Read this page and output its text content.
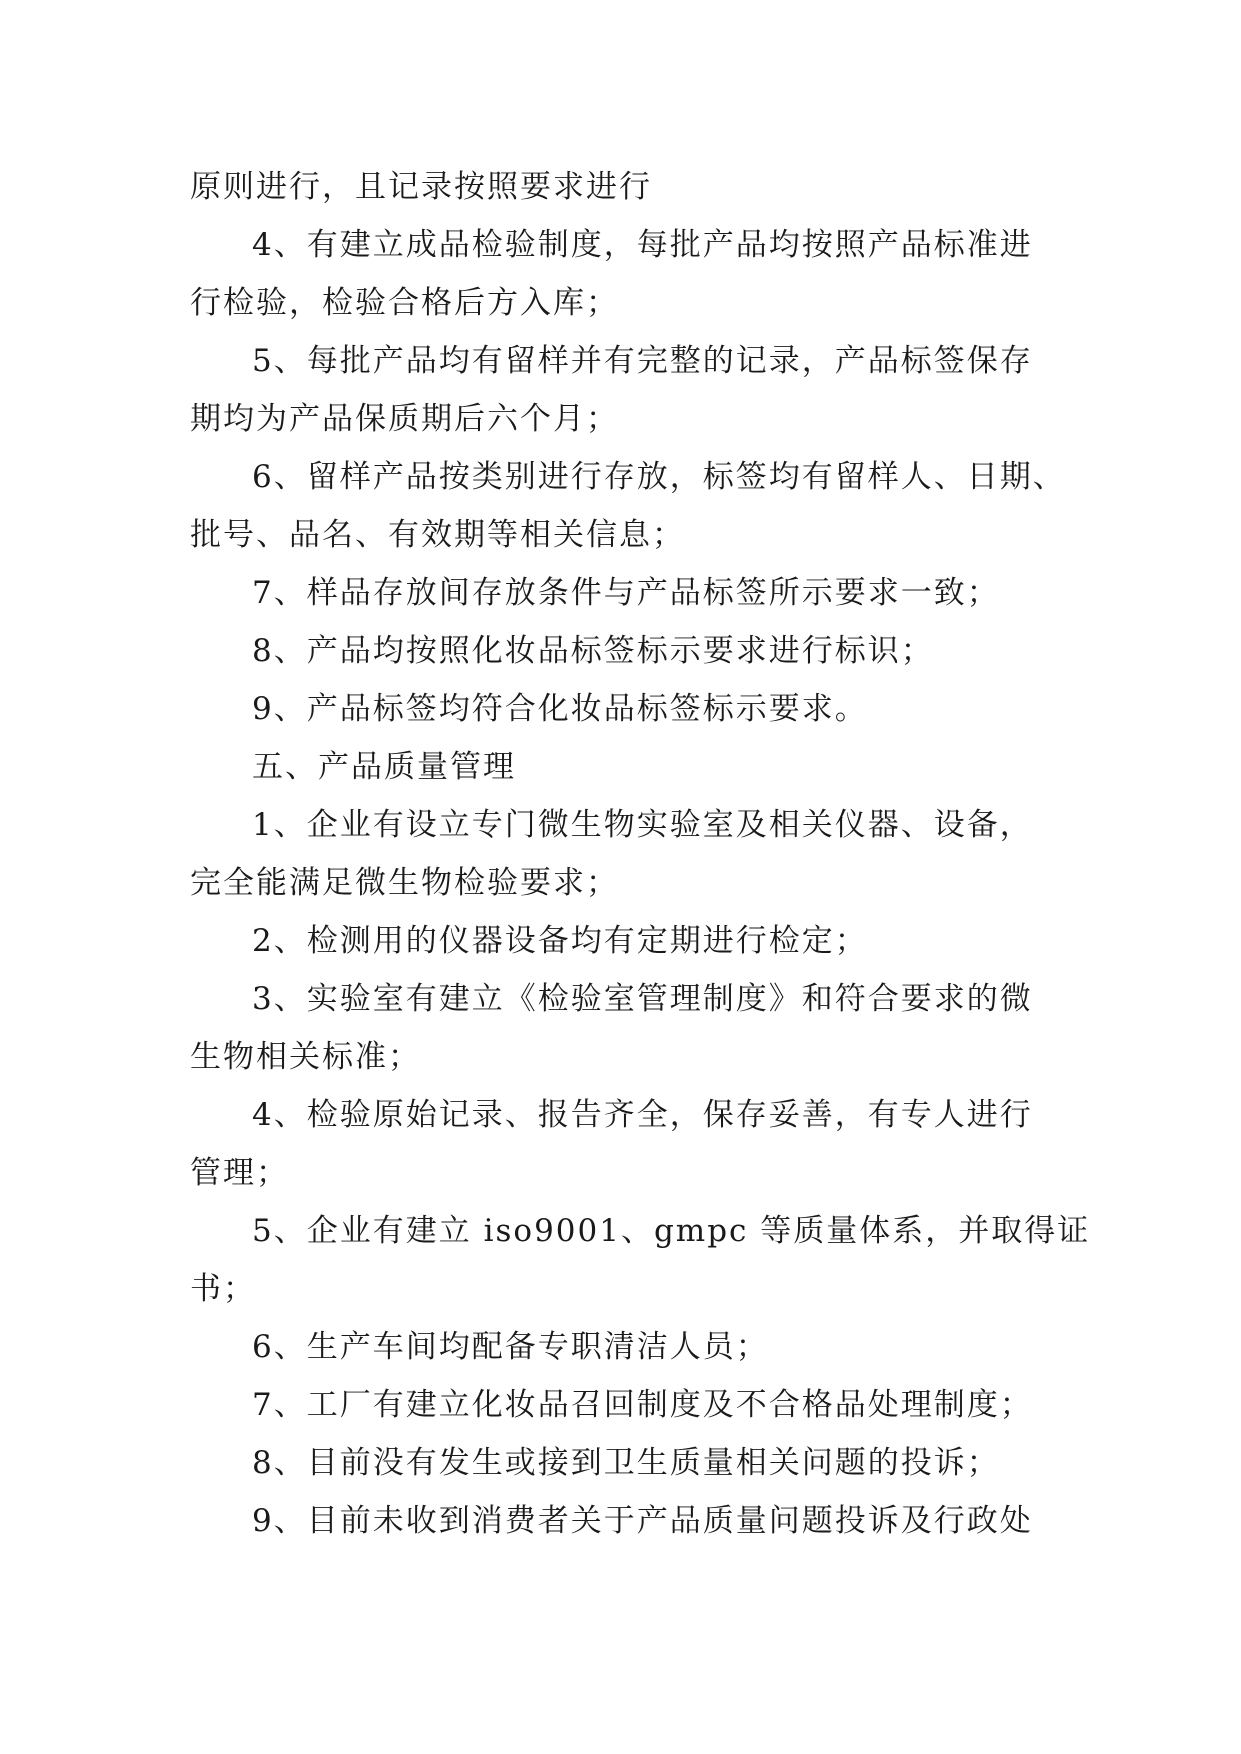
原则进行，且记录按照要求进行
4、有建立成品检验制度，每批产品均按照产品标准进
行检验，检验合格后方入库；
5、每批产品均有留样并有完整的记录，产品标签保存
期均为产品保质期后六个月；
6、留样产品按类别进行存放，标签均有留样人、日期、
批号、品名、有效期等相关信息；
7、样品存放间存放条件与产品标签所示要求一致；
8、产品均按照化妆品标签标示要求进行标识；
9、产品标签均符合化妆品标签标示要求。
五、产品质量管理
1、企业有设立专门微生物实验室及相关仪器、设备，
完全能满足微生物检验要求；
2、检测用的仪器设备均有定期进行检定；
3、实验室有建立《检验室管理制度》和符合要求的微
生物相关标准；
4、检验原始记录、报告齐全，保存妥善，有专人进行
管理；
5、企业有建立 iso9001、gmpc 等质量体系，并取得证
书；
6、生产车间均配备专职清洁人员；
7、工厂有建立化妆品召回制度及不合格品处理制度；
8、目前没有发生或接到卫生质量相关问题的投诉；
9、目前未收到消费者关于产品质量问题投诉及行政处
